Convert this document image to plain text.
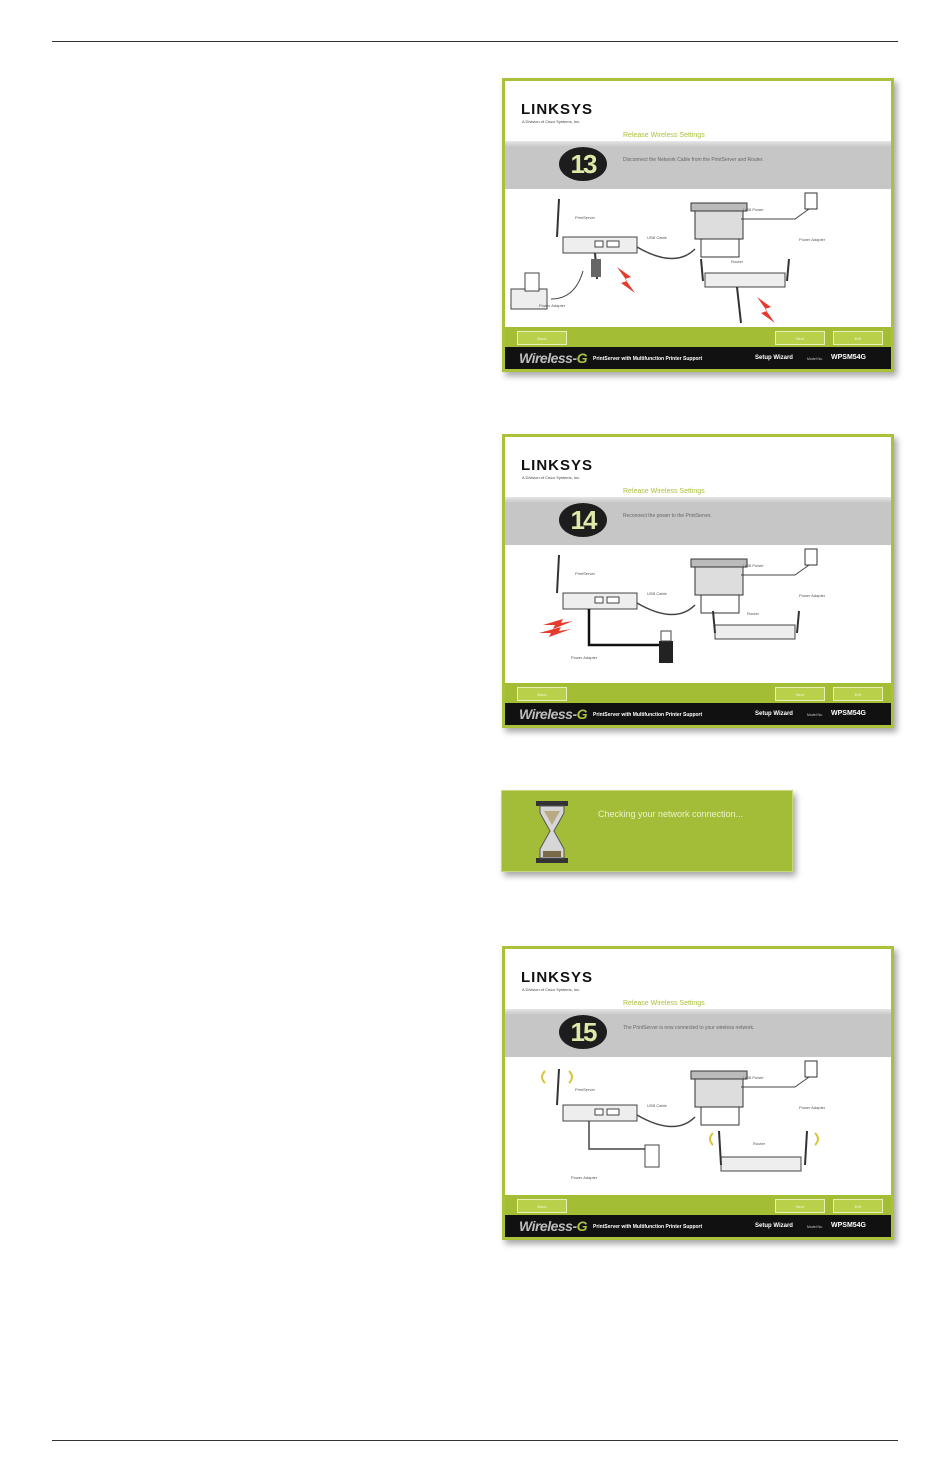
LINKSYS
A Division of Cisco Systems, Inc.
Release Wireless Settings
13	Disconnect the Network Cable from the PrintServer and Router.
PrintServer
USB Cable
USB Power
Power Adapter
Router
Power Adapter
Back	Next	Exit
Wireless-G PrintServer with Multifunction Printer Support	Setup Wizard	Model No. WPSM54G
LINKSYS
A Division of Cisco Systems, Inc.
Release Wireless Settings
14	Reconnect the power to the PrintServer.
PrintServer
USB Cable
USB Power
Power Adapter
Router
Power Adapter
Back	Next	Exit
Wireless-G PrintServer with Multifunction Printer Support	Setup Wizard	Model No. WPSM54G
Checking your network connection...
LINKSYS
A Division of Cisco Systems, Inc.
Release Wireless Settings
15	The PrintServer is now connected to your wireless network.
PrintServer
USB Cable
USB Power
Power Adapter
Router
Power Adapter
Back	Next	Exit
Wireless-G PrintServer with Multifunction Printer Support	Setup Wizard	Model No. WPSM54G
